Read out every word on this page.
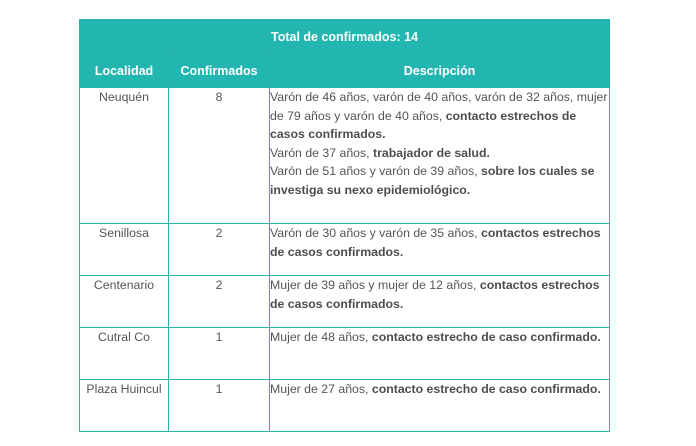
Total de confirmados: 14		
Localidad	Confirmados	Descripción
Neuquén	8	Varón de 46 años, varón de 40 años, varón de 32 años, mujer de 79 años y varón de 40 años, contacto estrechos de casos confirmados.
Varón de 37 años, trabajador de salud.
Varón de 51 años y varón de 39 años, sobre los cuales se investiga su nexo epidemiológico.

Senillosa	2	Varón de 30 años y varón de 35 años, contactos estrechos de casos confirmados.

Centenario	2	Mujer de 39 años y mujer de 12 años, contactos estrechos de casos confirmados.

Cutral Co	1	Mujer de 48 años, contacto estrecho de caso confirmado.

Plaza Huincul	1	Mujer de 27 años, contacto estrecho de caso confirmado.
